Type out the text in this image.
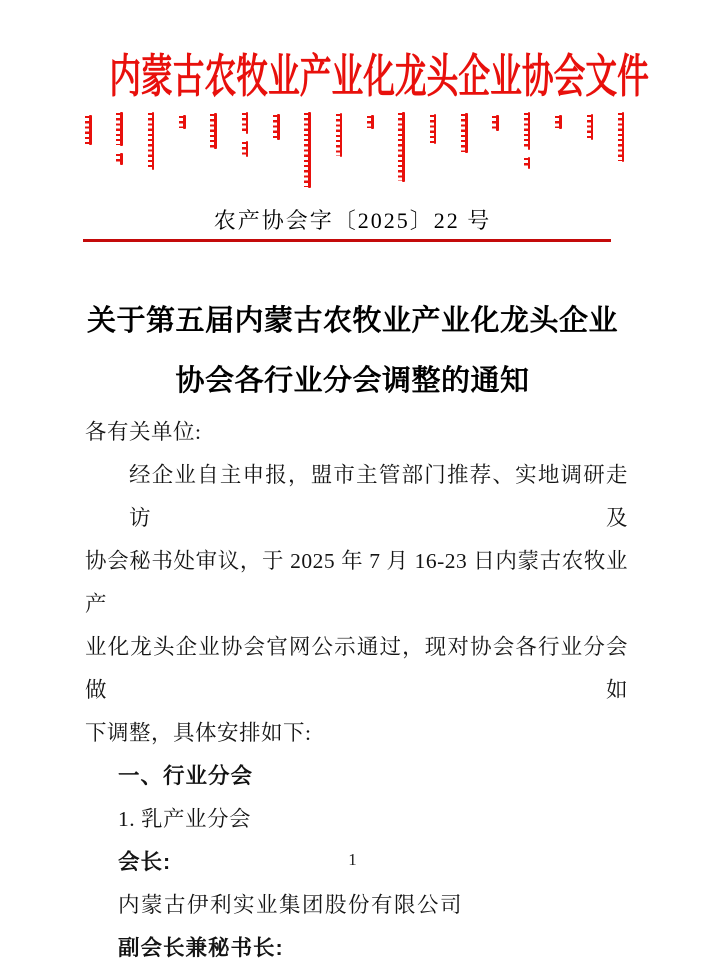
内蒙古农牧业产业化龙头企业协会文件
农产协会字〔2025〕22 号
关于第五届内蒙古农牧业产业化龙头企业
协会各行业分会调整的通知
各有关单位:
经企业自主申报，盟市主管部门推荐、实地调研走访及
协会秘书处审议，于 2025 年 7 月 16-23 日内蒙古农牧业产
业化龙头企业协会官网公示通过，现对协会各行业分会做如
下调整，具体安排如下:
一、行业分会
1. 乳产业分会
会长:
内蒙古伊利实业集团股份有限公司
副会长兼秘书长:
1
